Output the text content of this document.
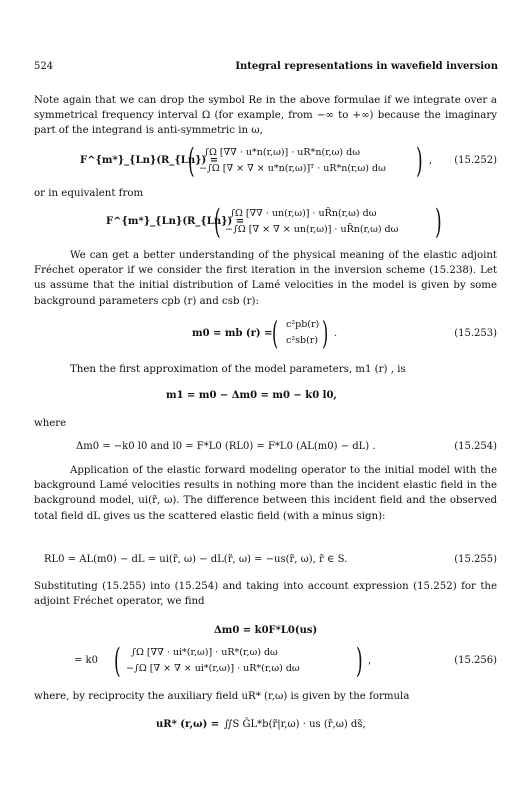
524	Integral representations in wavefield inversion
Note again that we can drop the symbol Re in the above formulae if we integrate over a symmetrical frequency interval Ω (for example, from −∞ to +∞) because the imaginary part of the integrand is anti-symmetric in ω,
F^{m*}_{Ln}(R_{Ln}) =
( ∫Ω [∇∇ · u*n(r,ω)] · uR*n(r,ω) dω
−∫Ω [∇ × ∇ × u*n(r,ω)]ᵀ · uR*n(r,ω) dω ) , (15.252)
or in equivalent from
F^{m*}_{Ln}(R_{Ln}) =
( ∫Ω [∇∇ · un(r,ω)] · uR̄n(r,ω) dω
−∫Ω [∇ × ∇ × un(r,ω)] · uR̄n(r,ω) dω )
We can get a better understanding of the physical meaning of the elastic adjoint Fréchet operator if we consider the first iteration in the inversion scheme (15.238). Let us assume that the initial distribution of Lamé velocities in the model is given by some background parameters cpb (r) and csb (r):
m0 = mb (r) = ( c²pb(r)
c²sb(r) ) .	(15.253)
Then the first approximation of the model parameters, m1 (r) , is
m1 = m0 − Δm0 = m0 − k0 l0,
where
Δm0 = −k0 l0 and l0 = F*L0 (RL0) = F*L0 (AL(m0) − dL) .	(15.254)
Application of the elastic forward modeling operator to the initial model with the background Lamé velocities results in nothing more than the incident elastic field in the background model, ui(r̃, ω). The difference between this incident field and the observed total field dL gives us the scattered elastic field (with a minus sign):
RL0 = AL(m0) − dL = ui(r̃, ω) − dL(r̃, ω) = −us(r̃, ω), r̃ ∈ S.	(15.255)
Substituting (15.255) into (15.254) and taking into account expression (15.252) for the adjoint Fréchet operator, we find
Δm0 = k0F*L0(us)
= k0 ( ∫Ω [∇∇ · ui*(r,ω)] · uR*(r,ω) dω
−∫Ω [∇ × ∇ × ui*(r,ω)] · uR*(r,ω) dω ) ,	(15.256)
where, by reciprocity the auxiliary field uR* (r,ω) is given by the formula
uR* (r,ω) = ∬S ĜL*b(r̃|r,ω) · us (r̃,ω) ds̃,
